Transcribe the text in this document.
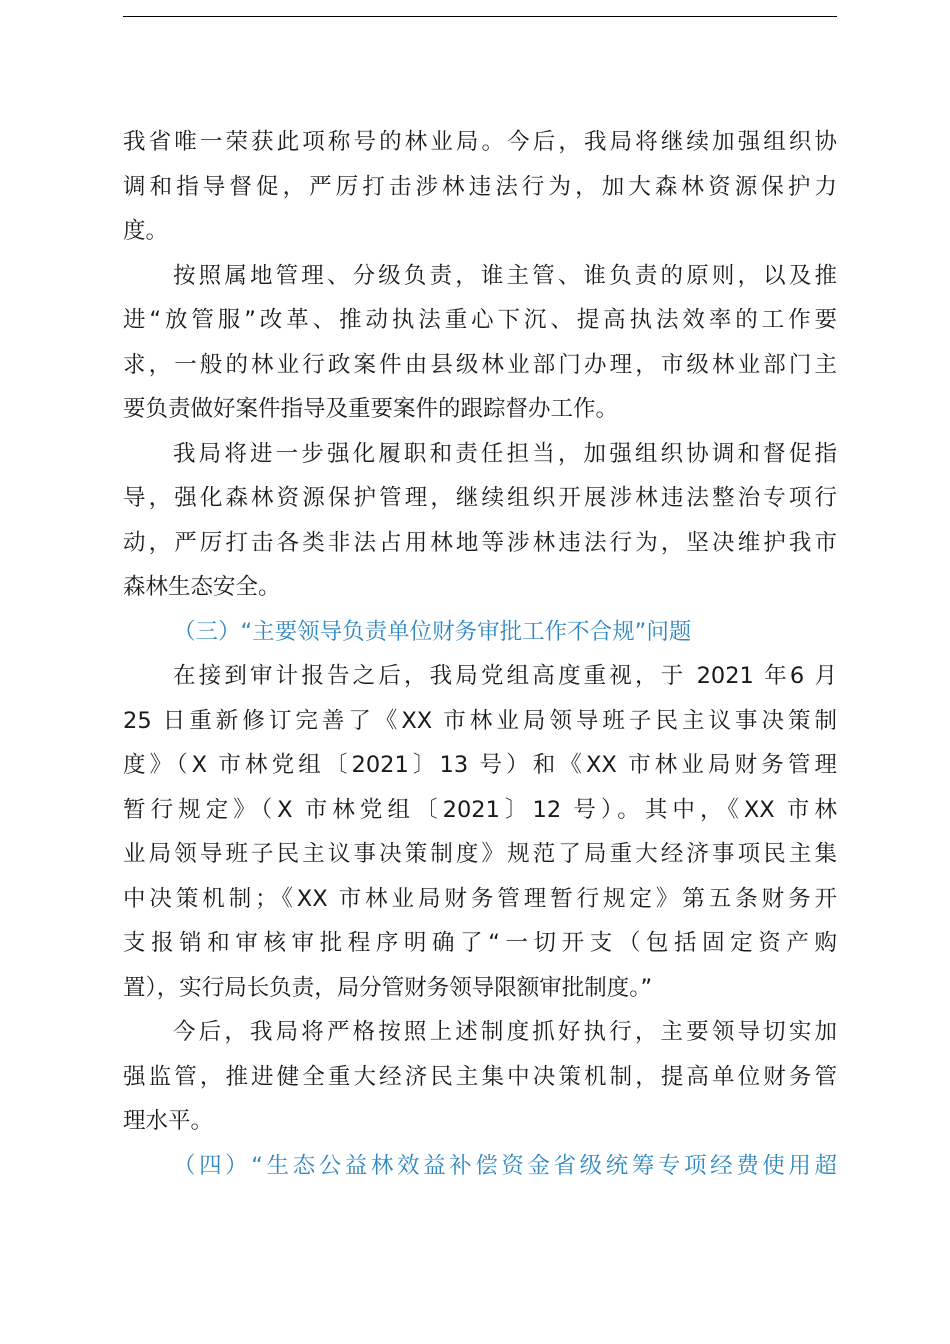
我省唯一荣获此项称号的林业局。今后，我局将继续加强组织协
调和指导督促，严厉打击涉林违法行为，加大森林资源保护力
度。
按照属地管理、分级负责，谁主管、谁负责的原则，以及推
进“放管服”改革、推动执法重心下沉、提高执法效率的工作要
求，一般的林业行政案件由县级林业部门办理，市级林业部门主
要负责做好案件指导及重要案件的跟踪督办工作。
我局将进一步强化履职和责任担当，加强组织协调和督促指
导，强化森林资源保护管理，继续组织开展涉林违法整治专项行
动，严厉打击各类非法占用林地等涉林违法行为，坚决维护我市
森林生态安全。
（三）“主要领导负责单位财务审批工作不合规”问题
在接到审计报告之后，我局党组高度重视，于 2021 年6 月
25 日重新修订完善了《XX 市林业局领导班子民主议事决策制
度》（X 市林党组〔2021〕13 号）和《XX 市林业局财务管理
暂行规定》（X 市林党组〔2021〕12 号）。其中，《XX 市林
业局领导班子民主议事决策制度》规范了局重大经济事项民主集
中决策机制；《XX 市林业局财务管理暂行规定》第五条财务开
支报销和审核审批程序明确了“一切开支（包括固定资产购
置），实行局长负责，局分管财务领导限额审批制度。”
今后，我局将严格按照上述制度抓好执行，主要领导切实加
强监管，推进健全重大经济民主集中决策机制，提高单位财务管
理水平。
（四）“生态公益林效益补偿资金省级统筹专项经费使用超
